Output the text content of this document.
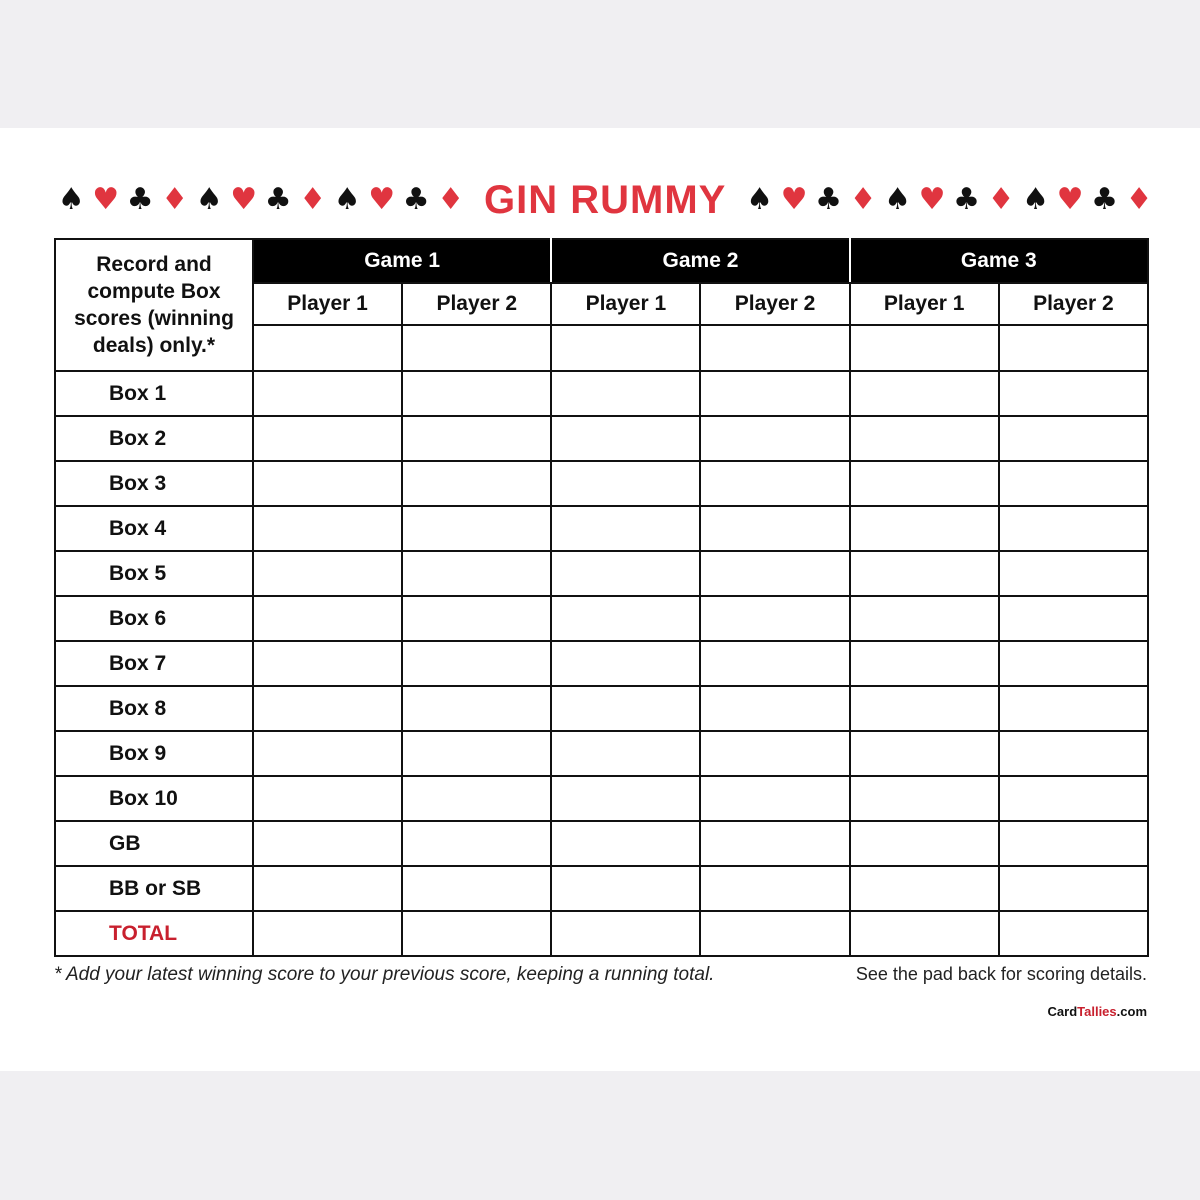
♠ ♥ ♣ ♦ ♠ ♥ ♣ ♦ ♠ ♥ ♣ ♦ GIN RUMMY ♠ ♥ ♣ ♦ ♠ ♥ ♣ ♦ ♠ ♥ ♣ ♦
Record and compute Box scores (winning deals) only.*	Game 1		Game 2		Game 3	
	Player 1	Player 2	Player 1	Player 2	Player 1	Player 2

Box 1						
Box 2						
Box 3						
Box 4						
Box 5						
Box 6						
Box 7						
Box 8						
Box 9						
Box 10						
GB						
BB or SB						
TOTAL						
* Add your latest winning score to your previous score, keeping a running total.	See the pad back for scoring details.
CardTallies.com
